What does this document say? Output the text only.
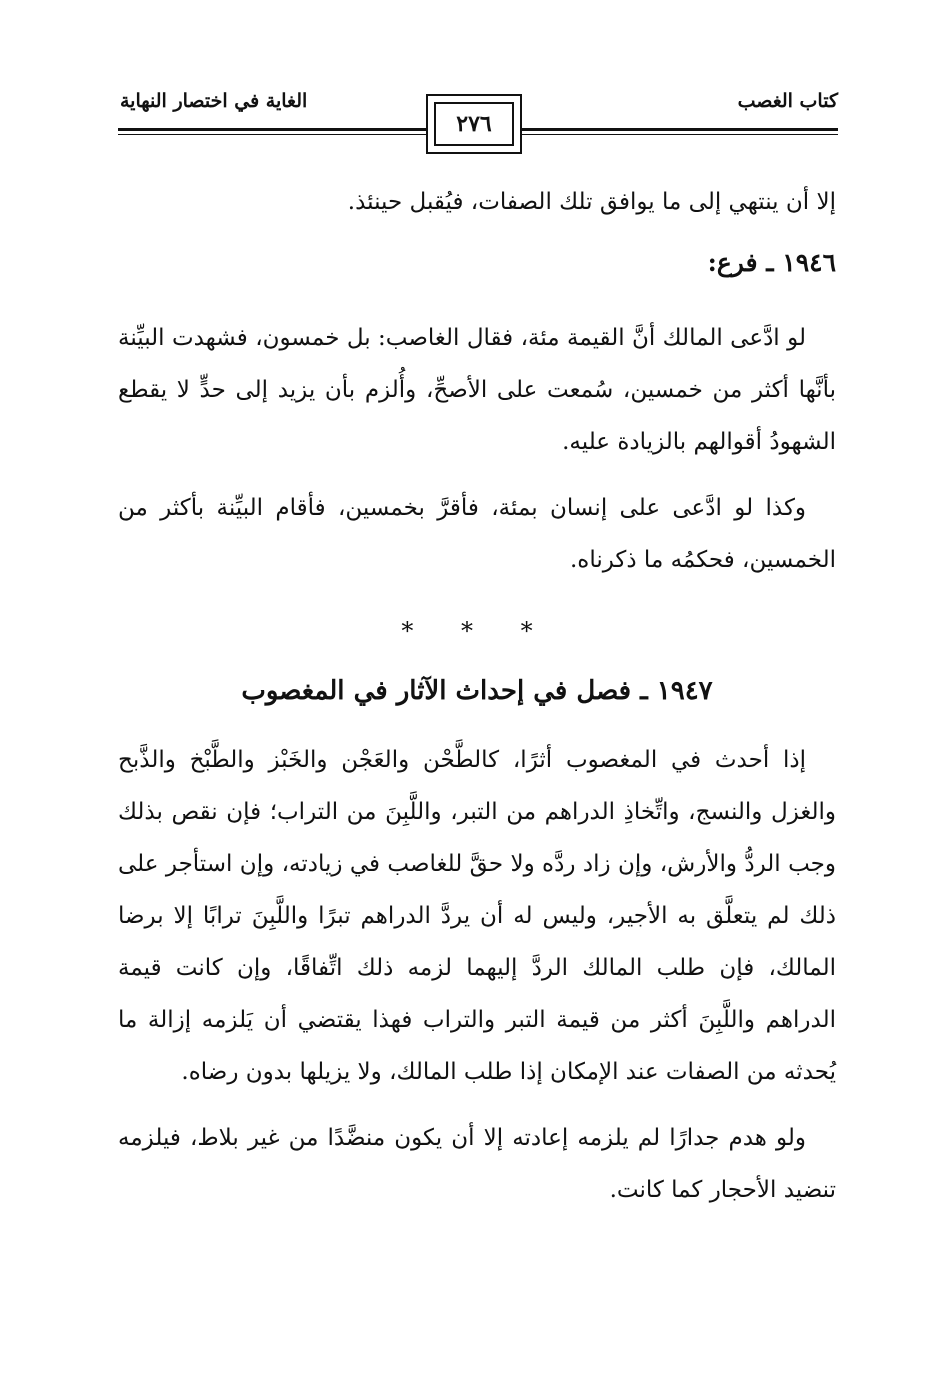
كتاب الغصب
الغاية في اختصار النهاية
٢٧٦

إلا أن ينتهي إلى ما يوافق تلك الصفات، فيُقبل حينئذ.

١٩٤٦ ـ فرع:

لو ادَّعى المالك أنَّ القيمة مئة، فقال الغاصب: بل خمسون، فشهدت البيِّنة بأنَّها أكثر من خمسين، سُمعت على الأصحِّ، وأُلزم بأن يزيد إلى حدٍّ لا يقطع الشهودُ أقوالهم بالزيادة عليه.

وكذا لو ادَّعى على إنسان بمئة، فأقرَّ بخمسين، فأقام البيِّنة بأكثر من الخمسين، فحكمُه ما ذكرناه.

* * *
١٩٤٧ ـ فصل في إحداث الآثار في المغصوب

إذا أحدث في المغصوب أثرًا، كالطَّحْن والعَجْن والخَبْز والطَّبْخ والذَّبح والغزل والنسج، واتِّخاذِ الدراهم من التبر، واللَّبِنَ من التراب؛ فإن نقص بذلك وجب الردُّ والأرش، وإن زاد ردَّه ولا حقَّ للغاصب في زيادته، وإن استأجر على ذلك لم يتعلَّق به الأجير، وليس له أن يردَّ الدراهم تبرًا واللَّبِنَ ترابًا إلا برضا المالك، فإن طلب المالك الردَّ إليهما لزمه ذلك اتِّفاقًا، وإن كانت قيمة الدراهم واللَّبِنَ أكثر من قيمة التبر والتراب فهذا يقتضي أن يَلزمه إزالة ما يُحدثه من الصفات عند الإمكان إذا طلب المالك، ولا يزيلها بدون رضاه.

ولو هدم جدارًا لم يلزمه إعادته إلا أن يكون منضَّدًا من غير بلاط، فيلزمه تنضيد الأحجار كما كانت.
